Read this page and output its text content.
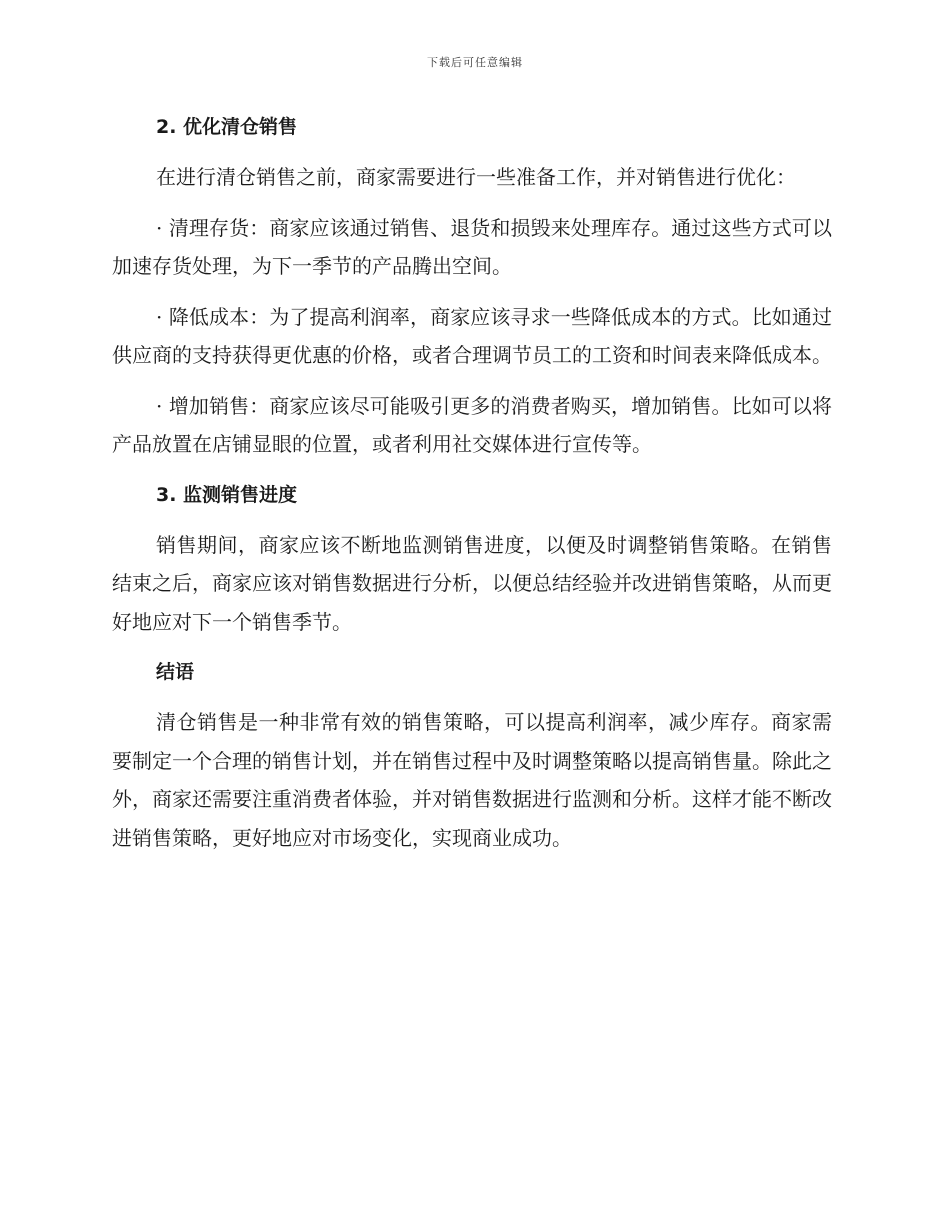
下载后可任意编辑
2. 优化清仓销售

在进行清仓销售之前，商家需要进行一些准备工作，并对销售进行优化：

· 清理存货：商家应该通过销售、退货和损毁来处理库存。通过这些方式可以加速存货处理，为下一季节的产品腾出空间。

· 降低成本：为了提高利润率，商家应该寻求一些降低成本的方式。比如通过供应商的支持获得更优惠的价格，或者合理调节员工的工资和时间表来降低成本。

· 增加销售：商家应该尽可能吸引更多的消费者购买，增加销售。比如可以将产品放置在店铺显眼的位置，或者利用社交媒体进行宣传等。

3. 监测销售进度

销售期间，商家应该不断地监测销售进度，以便及时调整销售策略。在销售结束之后，商家应该对销售数据进行分析，以便总结经验并改进销售策略，从而更好地应对下一个销售季节。

结语

清仓销售是一种非常有效的销售策略，可以提高利润率，减少库存。商家需要制定一个合理的销售计划，并在销售过程中及时调整策略以提高销售量。除此之外，商家还需要注重消费者体验，并对销售数据进行监测和分析。这样才能不断改进销售策略，更好地应对市场变化，实现商业成功。
